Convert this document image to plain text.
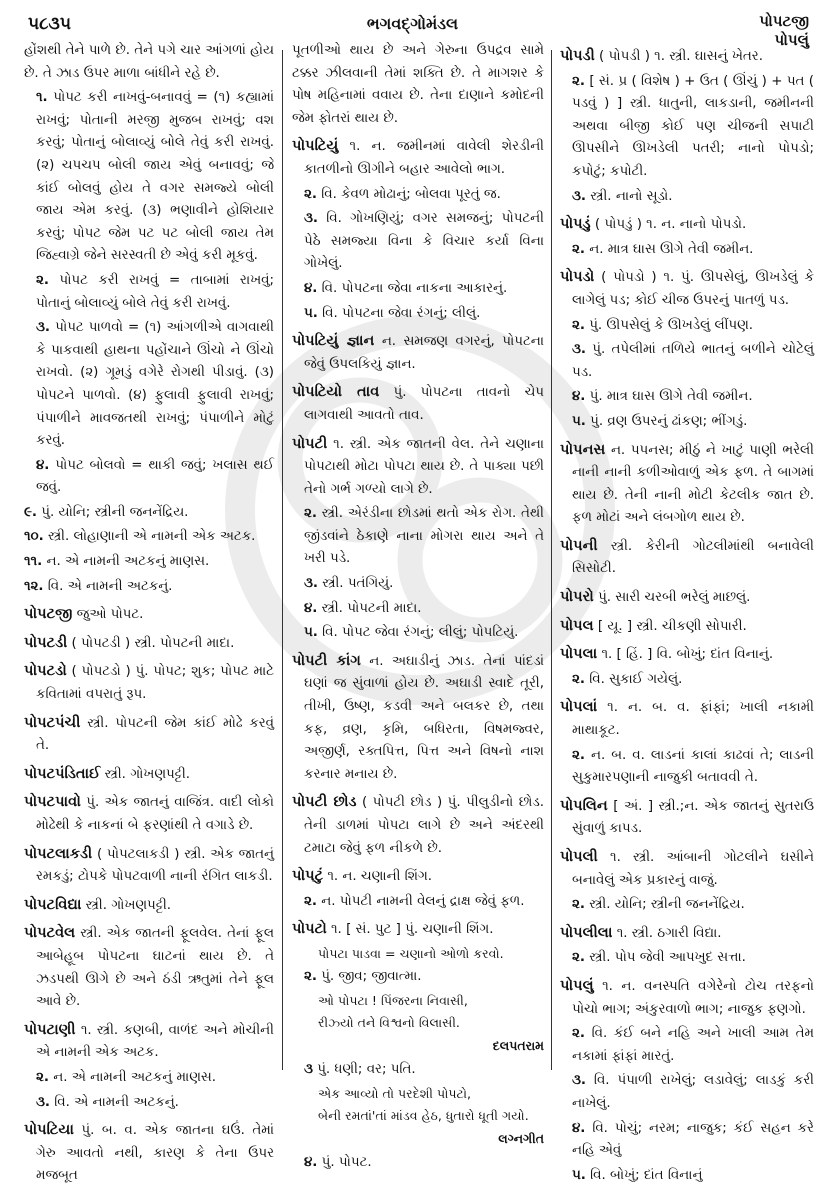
૫૮૩૫	ભગવદ્ગોમંડલ	પોપટજી
પોપલું

હોંશથી તેને પાળે છે. તેને પગે ચાર આંગળાં હોય છે. તે ઝાડ ઉપર માળા બાંધીને રહે છે.

૧. પોપટ કરી નાખવું-બનાવવું = (૧) કહ્યામાં રાખવું; પોતાની મરજી મુજબ રાખવું; વશ કરવું; પોતાનું બોલાવ્યું બોલે તેવું કરી રાખવું. (૨) ચપચપ બોલી જાય એવું બનાવવું; જે કાંઈ બોલવું હોય તે વગર સમજ્યે બોલી જાય એમ કરવું. (૩) ભણાવીને હોશિયાર કરવું; પોપટ જેમ પટ પટ બોલી જાય તેમ જિહ્વાગ્રે જેને સરસ્વતી છે એવું કરી મૂકવું.

૨. પોપટ કરી રાખવું = તાબામાં રાખવું; પોતાનું બોલાવ્યું બોલે તેવું કરી રાખવું.

૩. પોપટ પાળવો = (૧) આંગળીએ વાગવાથી કે પાકવાથી હાથના પહોંચાને ઊંચો ને ઊંચો રાખવો. (૨) ગૂમડું વગેરે રોગથી પીડાવું. (૩) પોપટને પાળવો. (૪) ફુલાવી ફુલાવી રાખવું; પંપાળીને માવજતથી રાખવું; પંપાળીને મોટું કરવું.

૪. પોપટ બોલવો = થાકી જવું; ખલાસ થઈ જવું.

૯. પું. યોનિ; સ્ત્રીની જનનેંદ્રિય.

૧૦. સ્ત્રી. લોહાણાની એ નામની એક અટક.

૧૧. ન. એ નામની અટકનું માણસ.

૧૨. વિ. એ નામની અટકનું.

પોપટજી જુઓ પોપટ.

પોપટડી ( પોપટડી ) સ્ત્રી. પોપટની માદા.

પોપટડો ( પોપટડો ) પું. પોપટ; શુક; પોપટ માટે કવિતામાં વપરાતું રૂપ.

પોપટપંચી સ્ત્રી. પોપટની જેમ કાંઈ મોઢે કરવું તે.

પોપટપંડિતાઈ સ્ત્રી. ગોખણપટ્ટી.

પોપટપાવો પું. એક જાતનું વાજિંત્ર. વાદી લોકો મોઢેથી કે નાકનાં બે ફરણાંથી તે વગાડે છે.

પોપટલાકડી ( પોપટલાકડી ) સ્ત્રી. એક જાતનું રમકડું; ટોપકે પોપટવાળી નાની રંગિત લાકડી.

પોપટવિદ્યા સ્ત્રી. ગોખણપટ્ટી.

પોપટવેલ સ્ત્રી. એક જાતની ફૂલવેલ. તેનાં ફૂલ આબેહૂબ પોપટના ઘાટનાં થાય છે. તે ઝડપથી ઊગે છે અને ઠંડી ઋતુમાં તેને ફૂલ આવે છે.

પોપટાણી ૧. સ્ત્રી. કણબી, વાળંદ અને મોચીની એ નામની એક અટક.

૨. ન. એ નામની અટકનું માણસ.

૩. વિ. એ નામની અટકનું.

પોપટિયા પું. બ. વ. એક જાતના ઘઉં. તેમાં ગેરુ આવતો નથી, કારણ કે તેના ઉપર મજબૂત

પૂતળીઓ થાય છે અને ગેરુના ઉપદ્રવ સામે ટક્કર ઝીલવાની તેમાં શક્તિ છે. તે માગશર કે પોષ મહિનામાં વવાય છે. તેના દાણાને કમોદની જેમ ફોતરાં થાય છે.

પોપટિયું ૧. ન. જમીનમાં વાવેલી શેરડીની કાતળીનો ઊગીને બહાર આવેલો ભાગ.

૨. વિ. કેવળ મોઢાનું; બોલવા પૂરતું જ.

૩. વિ. ગોખણિયું; વગર સમજનું; પોપટની પેઠે સમજ્યા વિના કે વિચાર કર્યા વિના ગોખેલું.

૪. વિ. પોપટના જેવા નાકના આકારનું.

૫. વિ. પોપટના જેવા રંગનું; લીલું.

પોપટિયું જ્ઞાન ન. સમજણ વગરનું, પોપટના જેવું ઉપલકિયું જ્ઞાન.

પોપટિયો તાવ પું. પોપટના તાવનો ચેપ લાગવાથી આવતો તાવ.

પોપટી ૧. સ્ત્રી. એક જાતની વેલ. તેને ચણાના પોપટાથી મોટા પોપટા થાય છે. તે પાક્યા પછી તેનો ગર્ભ ગળ્યો લાગે છે.

૨. સ્ત્રી. એરંડીના છોડમાં થતો એક રોગ. તેથી જીંડવાંને ઠેકાણે નાના મોગરા થાય અને તે ખરી પડે.

૩. સ્ત્રી. પતંગિયું.

૪. સ્ત્રી. પોપટની માદા.

૫. વિ. પોપટ જેવા રંગનું; લીલું; પોપટિયું.

પોપટી કાંગ ન. અઘાડીનું ઝાડ. તેનાં પાંદડાં ઘણાં જ સુંવાળાં હોય છે. અઘાડી સ્વાદે તૂરી, તીખી, ઉષ્ણ, કડવી અને બલકર છે, તથા કફ, વ્રણ, કૃમિ, બધિરતા, વિષમજ્વર, અજીર્ણ, રક્તપિત્ત, પિત્ત અને વિષનો નાશ કરનાર મનાય છે.

પોપટી છોડ ( પોપટી છોડ ) પું. પીલુડીનો છોડ. તેની ડાળમાં પોપટા લાગે છે અને અંદરથી ટમાટા જેવું ફળ નીકળે છે.

પોપટું ૧. ન. ચણાની શિંગ.

૨. ન. પોપટી નામની વેલનું દ્રાક્ષ જેવું ફળ.

પોપટો ૧. [ સં. પુટ ] પું. ચણાની શિંગ.

પોપટા પાડવા = ચણાનો ઓળો કરવો.

૨. પું. જીવ; જીવાત્મા.

ઓ પોપટા ! પિંજરના નિવાસી,

રીઝ્યો તને વિશ્વનો વિલાસી.

દલપતરામ

૩ પું. ધણી; વર; પતિ.

એક આવ્યો તો પરદેશી પોપટો,

બેની રમતાં'તાં માંડવ હેઠ, ધુતારો ધૂતી ગયો.

લગ્નગીત

૪. પું. પોપટ.

પોપડી ( પોપડી ) ૧. સ્ત્રી. ઘાસનું ખેતર.

૨. [ સં. પ્ર ( વિશેષ ) + ઉત ( ઊંચું ) + પત ( પડવું ) ] સ્ત્રી. ધાતુની, લાકડાની, જમીનની અથવા બીજી કોઈ પણ ચીજની સપાટી ઊપસીને ઊખડેલી પતરી; નાનો પોપડો; કપોટું; કપોટી.

૩. સ્ત્રી. નાનો સૂડો.

પોપડું ( પોપડું ) ૧. ન. નાનો પોપડો.

૨. ન. માત્ર ઘાસ ઊગે તેવી જમીન.

પોપડો ( પોપડો ) ૧. પું. ઊપસેલું, ઊખડેલું કે લાગેલું પડ; કોઈ ચીજ ઉપરનું પાતળું પડ.

૨. પું. ઊપસેલું કે ઊખડેલું લીંપણ.

૩. પું. તપેલીમાં તળિયે ભાતનું બળીને ચોટેલું પડ.

૪. પું. માત્ર ઘાસ ઊગે તેવી જમીન.

૫. પું. વ્રણ ઉપરનું ઢાંકણ; ભીંગડું.

પોપનસ ન. પપનસ; મીઠું ને ખાટું પાણી ભરેલી નાની નાની કળીઓવાળું એક ફળ. તે બાગમાં થાય છે. તેની નાની મોટી કેટલીક જાત છે. ફળ મોટાં અને લંબગોળ થાય છે.

પોપની સ્ત્રી. કેરીની ગોટલીમાંથી બનાવેલી સિસોટી.

પોપરો પું. સારી ચરબી ભરેલું માછલું.

પોપલ [ યૂ. ] સ્ત્રી. ચીકણી સોપારી.

પોપલા ૧. [ હિં. ] વિ. બોખું; દાંત વિનાનું.

૨. વિ. સુકાઈ ગયેલું.

પોપલાં ૧. ન. બ. વ. ફાંફાં; ખાલી નકામી માથાકૂટ.

૨. ન. બ. વ. લાડનાં કાલાં કાઢવાં તે; લાડની સુકુમારપણાની નાજુકી બતાવવી તે.

પોપલિન [ અં. ] સ્ત્રી.;ન. એક જાતનું સુતરાઉ સુંવાળું કાપડ.

પોપલી ૧. સ્ત્રી. આંબાની ગોટલીને ઘસીને બનાવેલું એક પ્રકારનું વાજું.

૨. સ્ત્રી. યોનિ; સ્ત્રીની જનનેંદ્રિય.

પોપલીલા ૧. સ્ત્રી. ઠગારી વિદ્યા.

૨. સ્ત્રી. પોપ જેવી આપખુદ સત્તા.

પોપલું ૧. ન. વનસ્પતિ વગેરેનો ટોચ તરફનો પોચો ભાગ; અંકુરવાળો ભાગ; નાજુક ફણગો.

૨. વિ. કંઈ બને નહિ અને ખાલી આમ તેમ નકામાં ફાંફાં મારતું.

૩. વિ. પંપાળી રાખેલું; લડાવેલું; લાડકું કરી નાખેલું.

૪. વિ. પોચું; નરમ; નાજુક; કંઈ સહન કરે નહિ એવું

૫. વિ. બોખું; દાંત વિનાનું
